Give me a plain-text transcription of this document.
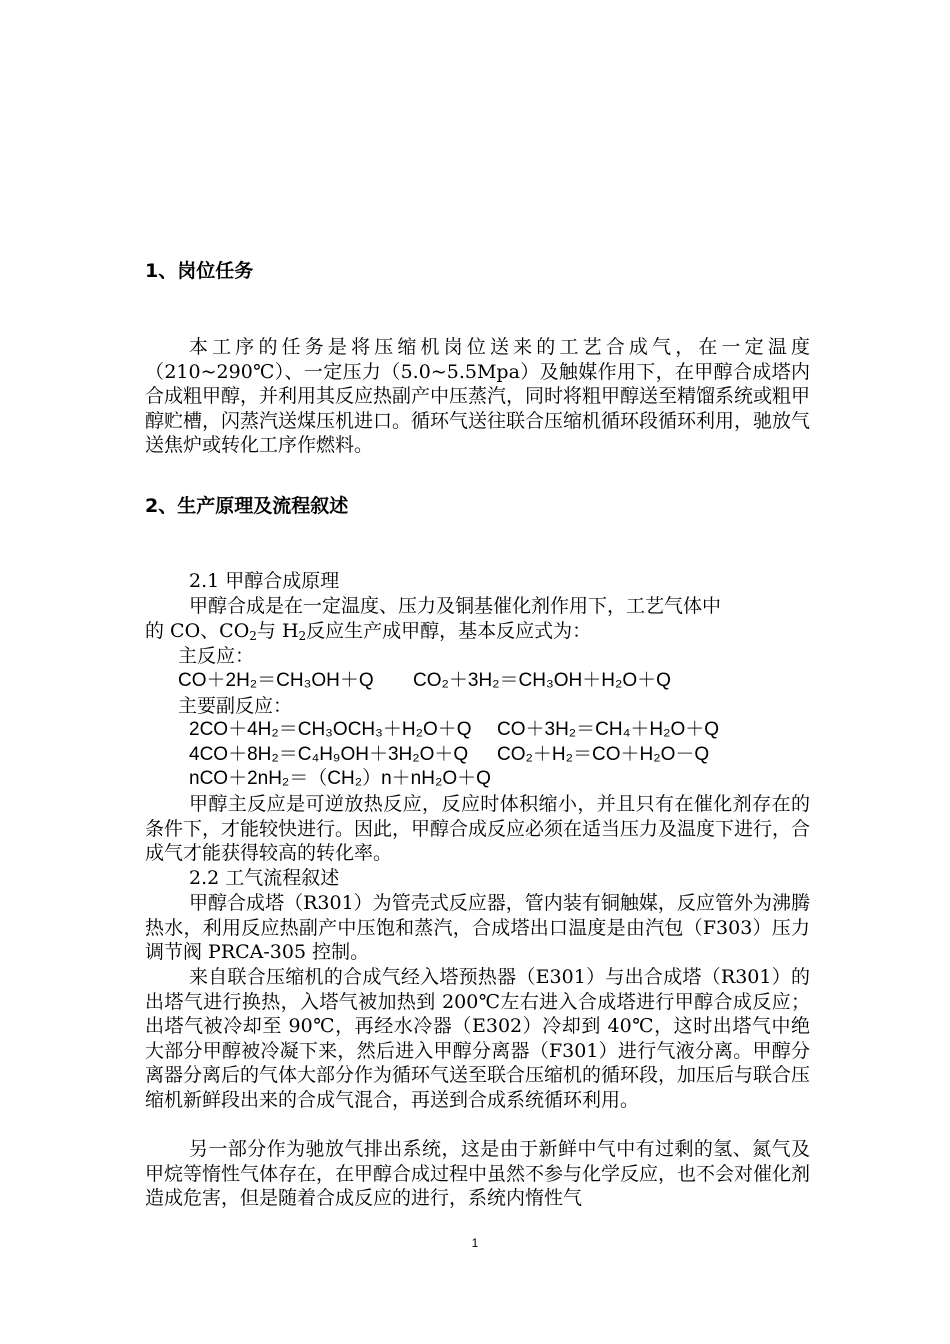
1、岗位任务

本工序的任务是将压缩机岗位送来的工艺合成气，在一定温度（210~290℃）、一定压力（5.0~5.5Mpa）及触媒作用下，在甲醇合成塔内合成粗甲醇，并利用其反应热副产中压蒸汽，同时将粗甲醇送至精馏系统或粗甲醇贮槽，闪蒸汽送煤压机进口。循环气送往联合压缩机循环段循环利用，驰放气送焦炉或转化工序作燃料。

2、生产原理及流程叙述
2.1 甲醇合成原理
甲醇合成是在一定温度、压力及铜基催化剂作用下，工艺气体中
的 CO、$CO_2$与 $H_2$反应生产成甲醇，基本反应式为：
主反应：
CO＋2H₂＝CH₃OH＋Q CO₂＋3H₂＝CH₃OH＋H₂O＋Q
主要副反应：
2CO＋4H₂＝CH₃OCH₃＋H₂O＋Q CO＋3H₂＝CH₄＋H₂O＋Q
4CO＋8H₂＝C₄H₉OH＋3H₂O＋Q CO₂＋H₂＝CO＋H₂O－Q
nCO＋2nH₂＝（CH₂）n＋nH₂O＋Q

甲醇主反应是可逆放热反应，反应时体积缩小，并且只有在催化剂存在的条件下，才能较快进行。因此，甲醇合成反应必须在适当压力及温度下进行，合成气才能获得较高的转化率。

2.2 工气流程叙述

甲醇合成塔（R301）为管壳式反应器，管内装有铜触媒，反应管外为沸腾热水，利用反应热副产中压饱和蒸汽，合成塔出口温度是由汽包（F303）压力调节阀 PRCA-305 控制。

来自联合压缩机的合成气经入塔预热器（E301）与出合成塔（R301）的出塔气进行换热，入塔气被加热到 200℃左右进入合成塔进行甲醇合成反应；出塔气被冷却至 90℃，再经水冷器（E302）冷却到 40℃，这时出塔气中绝大部分甲醇被冷凝下来，然后进入甲醇分离器（F301）进行气液分离。甲醇分离器分离后的气体大部分作为循环气送至联合压缩机的循环段，加压后与联合压缩机新鲜段出来的合成气混合，再送到合成系统循环利用。

另一部分作为驰放气排出系统，这是由于新鲜中气中有过剩的氢、氮气及甲烷等惰性气体存在，在甲醇合成过程中虽然不参与化学反应，也不会对催化剂造成危害，但是随着合成反应的进行，系统内惰性气

1
